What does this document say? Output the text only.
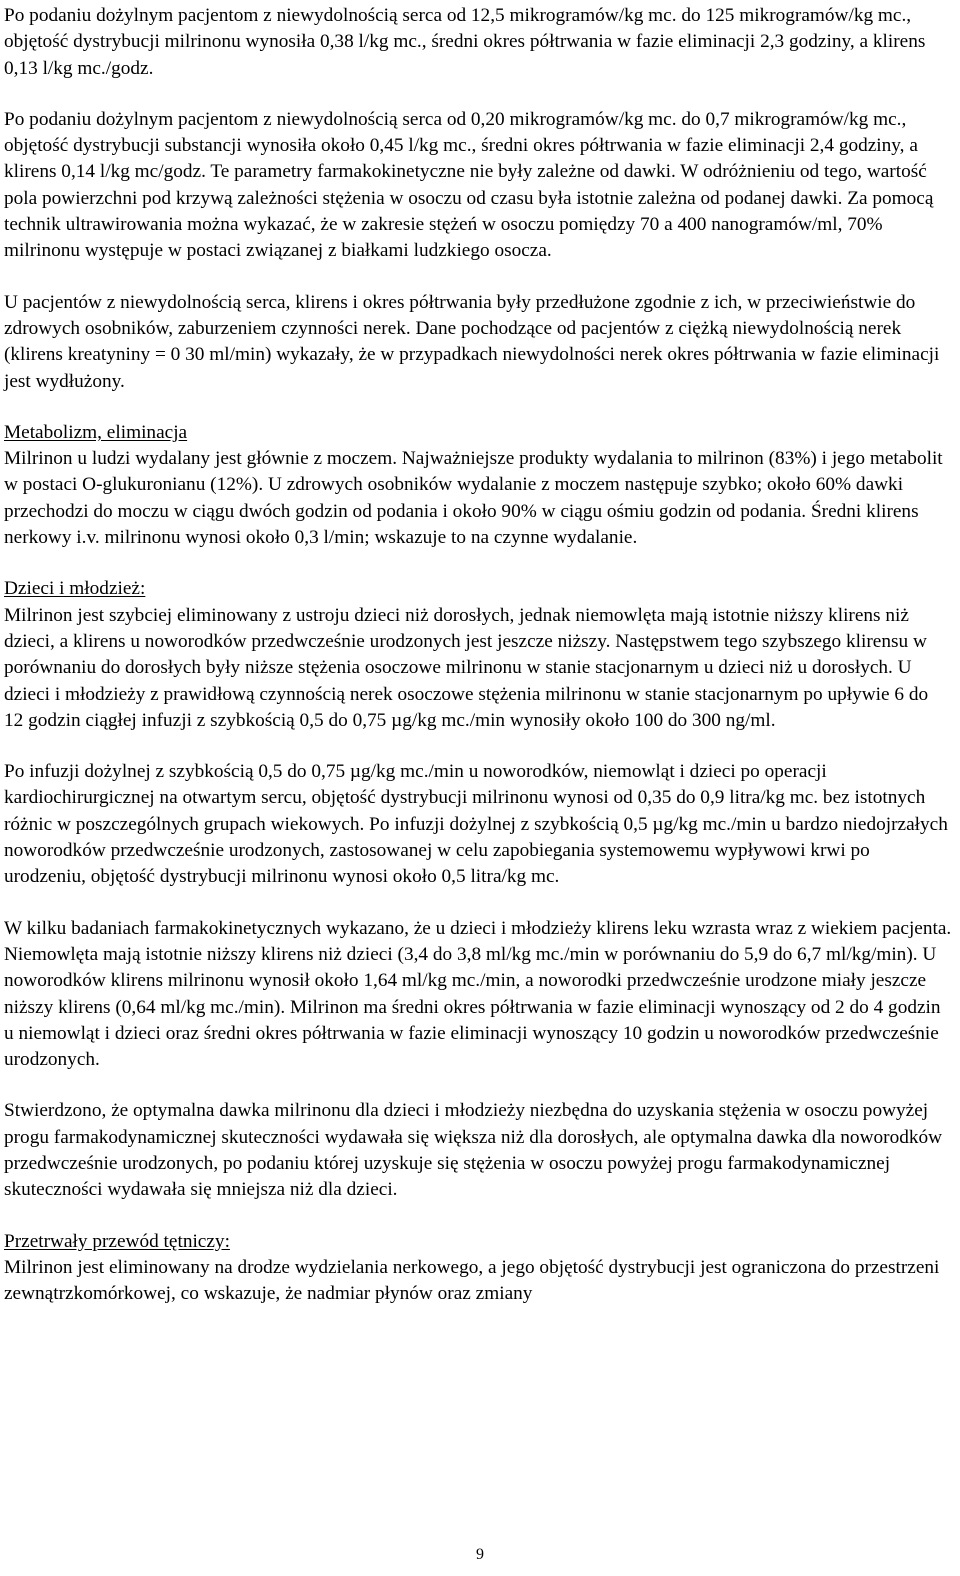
Po podaniu dożylnym pacjentom z niewydolnością serca od 12,5 mikrogramów/kg mc. do 125 mikrogramów/kg mc., objętość dystrybucji milrinonu wynosiła 0,38 l/kg mc., średni okres półtrwania w fazie eliminacji 2,3 godziny, a klirens 0,13 l/kg mc./godz.

Po podaniu dożylnym pacjentom z niewydolnością serca od 0,20 mikrogramów/kg mc. do 0,7 mikrogramów/kg mc., objętość dystrybucji substancji wynosiła około 0,45 l/kg mc., średni okres półtrwania w fazie eliminacji 2,4 godziny, a klirens 0,14 l/kg mc/godz. Te parametry farmakokinetyczne nie były zależne od dawki. W odróżnieniu od tego, wartość pola powierzchni pod krzywą zależności stężenia w osoczu od czasu była istotnie zależna od podanej dawki. Za pomocą technik ultrawirowania można wykazać, że w zakresie stężeń w osoczu pomiędzy 70 a 400 nanogramów/ml, 70% milrinonu występuje w postaci związanej z białkami ludzkiego osocza.

U pacjentów z niewydolnością serca, klirens i okres półtrwania były przedłużone zgodnie z ich, w przeciwieństwie do zdrowych osobników, zaburzeniem czynności nerek. Dane pochodzące od pacjentów z ciężką niewydolnością nerek (klirens kreatyniny = 0 30 ml/min) wykazały, że w przypadkach niewydolności nerek okres półtrwania w fazie eliminacji jest wydłużony.

Metabolizm, eliminacja
Milrinon u ludzi wydalany jest głównie z moczem. Najważniejsze produkty wydalania to milrinon (83%) i jego metabolit w postaci O-glukuronianu (12%). U zdrowych osobników wydalanie z moczem następuje szybko; około 60% dawki przechodzi do moczu w ciągu dwóch godzin od podania i około 90% w ciągu ośmiu godzin od podania. Średni klirens nerkowy i.v. milrinonu wynosi około 0,3 l/min; wskazuje to na czynne wydalanie.
Dzieci i młodzież:
Milrinon jest szybciej eliminowany z ustroju dzieci niż dorosłych, jednak niemowlęta mają istotnie niższy klirens niż dzieci, a klirens u noworodków przedwcześnie urodzonych jest jeszcze niższy. Następstwem tego szybszego klirensu w porównaniu do dorosłych były niższe stężenia osoczowe milrinonu w stanie stacjonarnym u dzieci niż u dorosłych. U dzieci i młodzieży z prawidłową czynnością nerek osoczowe stężenia milrinonu w stanie stacjonarnym po upływie 6 do 12 godzin ciągłej infuzji z szybkością 0,5 do 0,75 µg/kg mc./min wynosiły około 100 do 300 ng/ml.

Po infuzji dożylnej z szybkością 0,5 do 0,75 µg/kg mc./min u noworodków, niemowląt i dzieci po operacji kardiochirurgicznej na otwartym sercu, objętość dystrybucji milrinonu wynosi od 0,35 do 0,9 litra/kg mc. bez istotnych różnic w poszczególnych grupach wiekowych. Po infuzji dożylnej z szybkością 0,5 µg/kg mc./min u bardzo niedojrzałych noworodków przedwcześnie urodzonych, zastosowanej w celu zapobiegania systemowemu wypływowi krwi po urodzeniu, objętość dystrybucji milrinonu wynosi około 0,5 litra/kg mc.

W kilku badaniach farmakokinetycznych wykazano, że u dzieci i młodzieży klirens leku wzrasta wraz z wiekiem pacjenta. Niemowlęta mają istotnie niższy klirens niż dzieci (3,4 do 3,8 ml/kg mc./min w porównaniu do 5,9 do 6,7 ml/kg/min). U noworodków klirens milrinonu wynosił około 1,64 ml/kg mc./min, a noworodki przedwcześnie urodzone miały jeszcze niższy klirens (0,64 ml/kg mc./min). Milrinon ma średni okres półtrwania w fazie eliminacji wynoszący od 2 do 4 godzin u niemowląt i dzieci oraz średni okres półtrwania w fazie eliminacji wynoszący 10 godzin u noworodków przedwcześnie urodzonych.

Stwierdzono, że optymalna dawka milrinonu dla dzieci i młodzieży niezbędna do uzyskania stężenia w osoczu powyżej progu farmakodynamicznej skuteczności wydawała się większa niż dla dorosłych, ale optymalna dawka dla noworodków przedwcześnie urodzonych, po podaniu której uzyskuje się stężenia w osoczu powyżej progu farmakodynamicznej skuteczności wydawała się mniejsza niż dla dzieci.

Przetrwały przewód tętniczy:
Milrinon jest eliminowany na drodze wydzielania nerkowego, a jego objętość dystrybucji jest ograniczona do przestrzeni zewnątrzkomórkowej, co wskazuje, że nadmiar płynów oraz zmiany
9
